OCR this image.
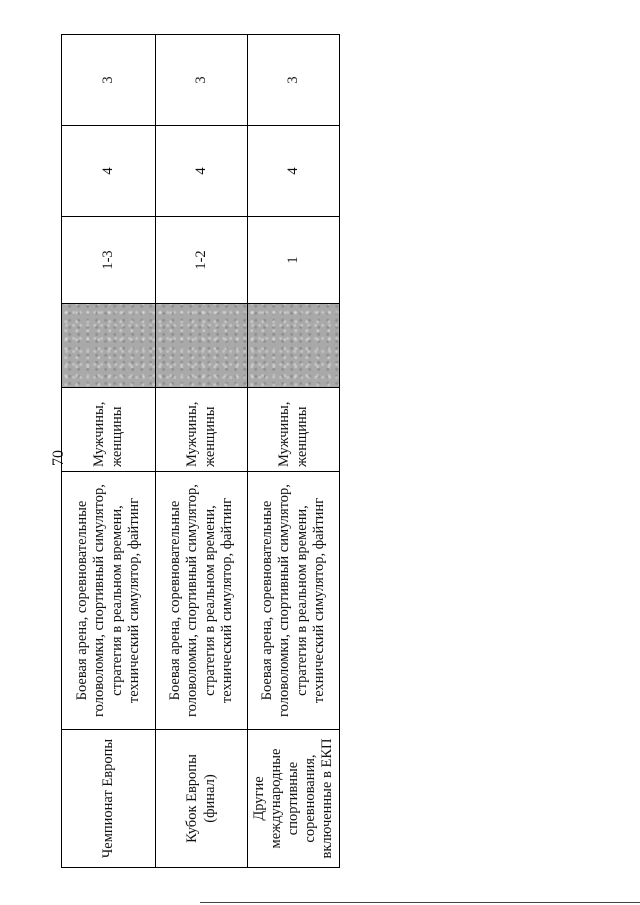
70
Чемпионат Европы	Боевая арена, соревновательные головоломки, спортивный симулятор, стратегия в реальном времени, технический симулятор, файтинг	Мужчины, женщины		1-3	4	3
Кубок Европы (финал)	Боевая арена, соревновательные головоломки, спортивный симулятор, стратегия в реальном времени, технический симулятор, файтинг	Мужчины, женщины		1-2	4	3
Другие международные спортивные соревнования, включенные в ЕКП	Боевая арена, соревновательные головоломки, спортивный симулятор, стратегия в реальном времени, технический симулятор, файтинг	Мужчины, женщины		1	4	3
